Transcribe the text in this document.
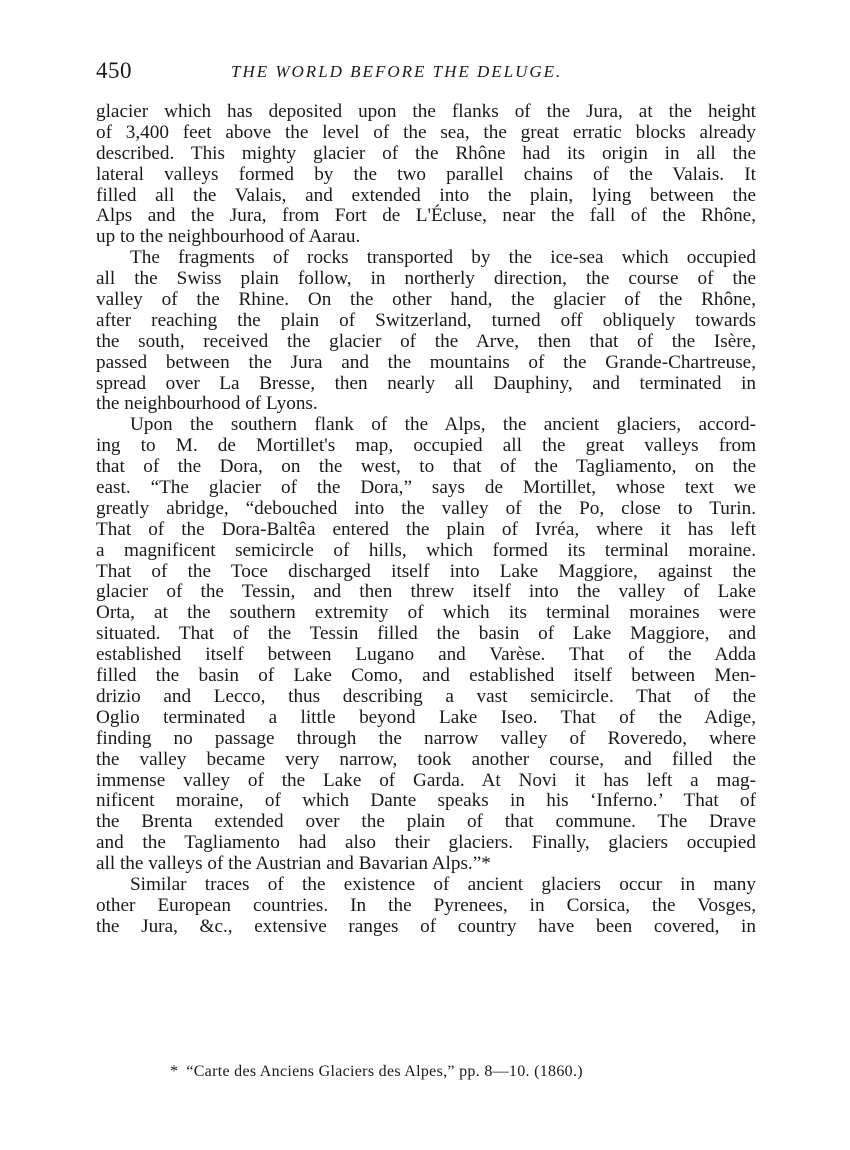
450	THE WORLD BEFORE THE DELUGE.
glacier which has deposited upon the flanks of the Jura, at the height
of 3,400 feet above the level of the sea, the great erratic blocks already
described. This mighty glacier of the Rhône had its origin in all the
lateral valleys formed by the two parallel chains of the Valais. It
filled all the Valais, and extended into the plain, lying between the
Alps and the Jura, from Fort de L'Écluse, near the fall of the Rhône,
up to the neighbourhood of Aarau.
The fragments of rocks transported by the ice-sea which occupied
all the Swiss plain follow, in northerly direction, the course of the
valley of the Rhine. On the other hand, the glacier of the Rhône,
after reaching the plain of Switzerland, turned off obliquely towards
the south, received the glacier of the Arve, then that of the Isère,
passed between the Jura and the mountains of the Grande-Chartreuse,
spread over La Bresse, then nearly all Dauphiny, and terminated in
the neighbourhood of Lyons.
Upon the southern flank of the Alps, the ancient glaciers, accord-
ing to M. de Mortillet's map, occupied all the great valleys from
that of the Dora, on the west, to that of the Tagliamento, on the
east. “The glacier of the Dora,” says de Mortillet, whose text we
greatly abridge, “debouched into the valley of the Po, close to Turin.
That of the Dora-Baltêa entered the plain of Ivréa, where it has left
a magnificent semicircle of hills, which formed its terminal moraine.
That of the Toce discharged itself into Lake Maggiore, against the
glacier of the Tessin, and then threw itself into the valley of Lake
Orta, at the southern extremity of which its terminal moraines were
situated. That of the Tessin filled the basin of Lake Maggiore, and
established itself between Lugano and Varèse. That of the Adda
filled the basin of Lake Como, and established itself between Men-
drizio and Lecco, thus describing a vast semicircle. That of the
Oglio terminated a little beyond Lake Iseo. That of the Adige,
finding no passage through the narrow valley of Roveredo, where
the valley became very narrow, took another course, and filled the
immense valley of the Lake of Garda. At Novi it has left a mag-
nificent moraine, of which Dante speaks in his ‘Inferno.’ That of
the Brenta extended over the plain of that commune. The Drave
and the Tagliamento had also their glaciers. Finally, glaciers occupied
all the valleys of the Austrian and Bavarian Alps.”*
Similar traces of the existence of ancient glaciers occur in many
other European countries. In the Pyrenees, in Corsica, the Vosges,
the Jura, &c., extensive ranges of country have been covered, in
* “Carte des Anciens Glaciers des Alpes,” pp. 8—10. (1860.)
